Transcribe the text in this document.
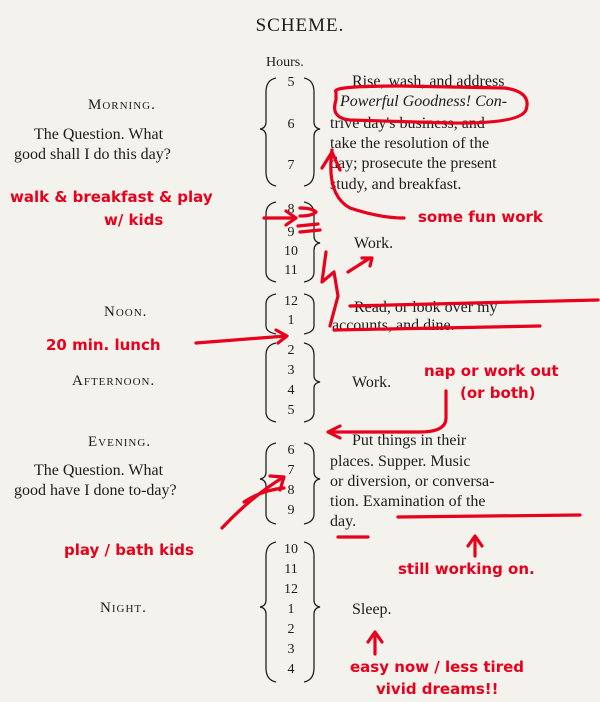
SCHEME.
Hours.
Morning.
The Question. What
good shall I do this day?
Noon.
Afternoon.
Evening.
The Question. What
good have I done to-day?
Night.
5
6
7
8
9
10
11
12
1
2
3
4
5
6
7
8
9
10
11
12
1
2
3
4
Rise, wash, and address
Powerful Goodness! Con-
trive day's business, and
take the resolution of the
day; prosecute the present
study, and breakfast.
Work.
Read, or look over my
accounts, and dine.
Work.
Put things in their
places. Supper. Music
or diversion, or conversa-
tion. Examination of the
day.
Sleep.
some fun work
walk & breakfast & play
w/ kids
20 min. lunch
nap or work out
(or both)
play / bath kids
still working on.
easy now / less tired
vivid dreams!!
